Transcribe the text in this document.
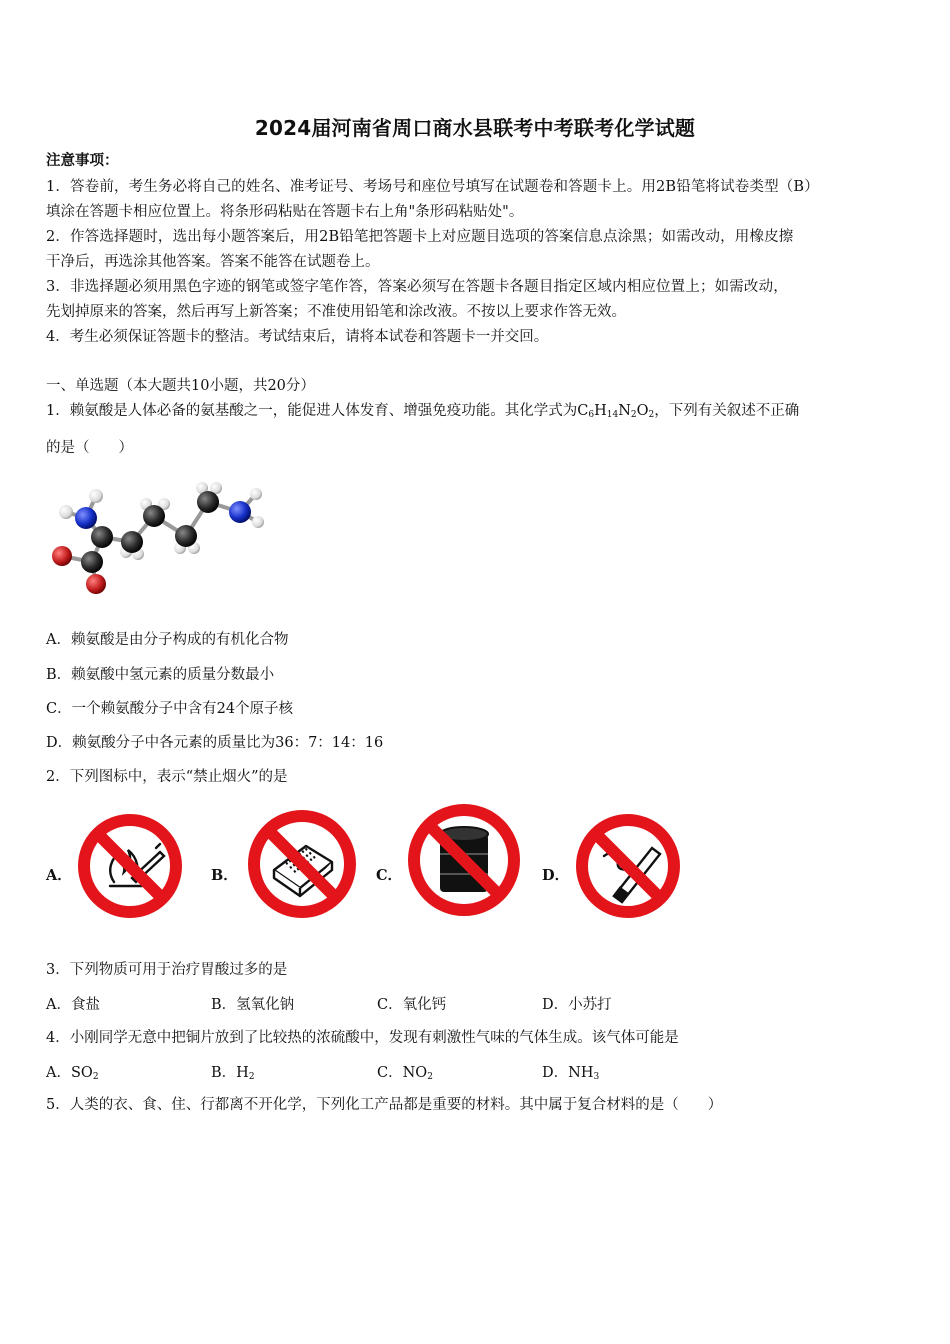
2024届河南省周口商水县联考中考联考化学试题
注意事项：
1．答卷前，考生务必将自己的姓名、准考证号、考场号和座位号填写在试题卷和答题卡上。用2B铅笔将试卷类型（B）
填涂在答题卡相应位置上。将条形码粘贴在答题卡右上角"条形码粘贴处"。
2．作答选择题时，选出每小题答案后，用2B铅笔把答题卡上对应题目选项的答案信息点涂黑；如需改动，用橡皮擦
干净后，再选涂其他答案。答案不能答在试题卷上。
3．非选择题必须用黑色字迹的钢笔或签字笔作答，答案必须写在答题卡各题目指定区域内相应位置上；如需改动，
先划掉原来的答案，然后再写上新答案；不准使用铅笔和涂改液。不按以上要求作答无效。
4．考生必须保证答题卡的整洁。考试结束后，请将本试卷和答题卡一并交回。
一、单选题（本大题共10小题，共20分）
1．赖氨酸是人体必备的氨基酸之一，能促进人体发育、增强免疫功能。其化学式为$C_6H_{14}N_2O_2$，下列有关叙述不正确
的是（　　）
A．赖氨酸是由分子构成的有机化合物
B．赖氨酸中氢元素的质量分数最小
C．一个赖氨酸分子中含有24个原子核
D．赖氨酸分子中各元素的质量比为36：7：14：16
2．下列图标中，表示“禁止烟火”的是
A．	B．	C．	D．
3．下列物质可用于治疗胃酸过多的是
A．食盐	B．氢氧化钠	C．氧化钙	D．小苏打
4．小刚同学无意中把铜片放到了比较热的浓硫酸中，发现有刺激性气味的气体生成。该气体可能是
A．$SO_2$	B．$H_2$	C．$NO_2$	D．$NH_3$
5．人类的衣、食、住、行都离不开化学，下列化工产品都是重要的材料。其中属于复合材料的是（　　）
